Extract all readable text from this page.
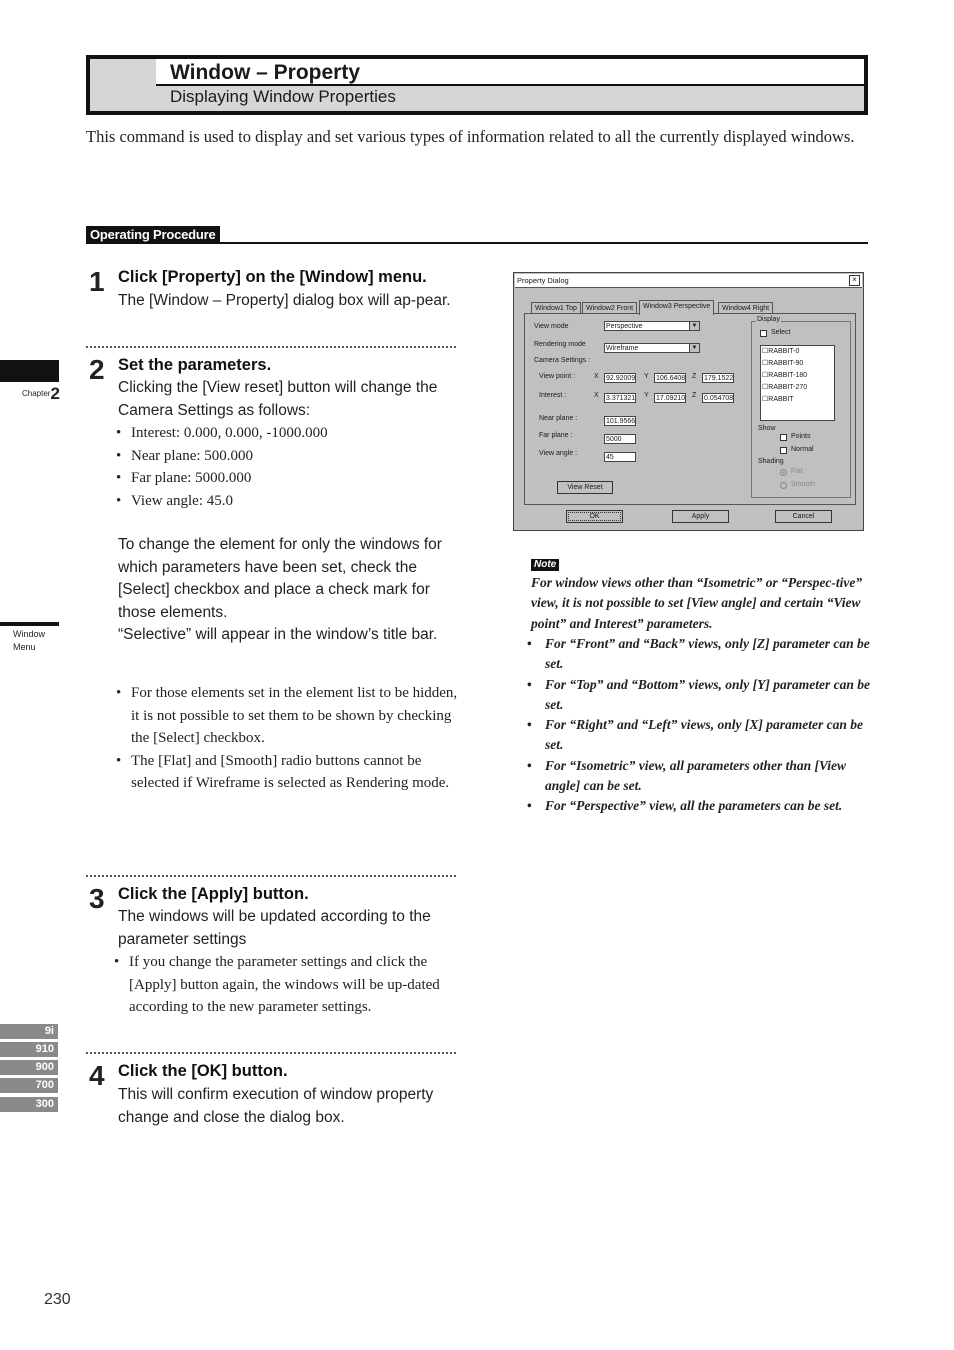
Window – Property
Displaying Window Properties
This command is used to display and set various types of information related to all the currently displayed windows.
Operating Procedure
Chapter2
Window
Menu
9i
910
900
700
300
1 Click [Property] on the [Window] menu.
The [Window – Property] dialog box will ap-pear.
2 Set the parameters.
Clicking the [View reset] button will change the Camera Settings as follows:
• Interest: 0.000, 0.000, -1000.000
• Near plane: 500.000
• Far plane: 5000.000
• View angle: 45.0
To change the element for only the windows for which parameters have been set, check the [Select] checkbox and place a check mark for those elements.
“Selective” will appear in the window’s title bar.
• For those elements set in the element list to be hidden, it is not possible to set them to be shown by checking the [Select] checkbox.
• The [Flat] and [Smooth] radio buttons cannot be selected if Wireframe is selected as Rendering mode.
3 Click the [Apply] button.
The windows will be updated according to the parameter settings
• If you change the parameter settings and click the [Apply] button again, the windows will be up-dated according to the new parameter settings.
4 Click the [OK] button.
This will confirm execution of window property change and close the dialog box.
Property Dialog	×
Window1 Top	Window2 Front	Window3 Perspective	Window4 Right
View mode	Perspective	▼
Rendering mode
Wireframe	▼
Camera Settings :
View point :	X 92.92009 Y 106.6408 Z 179.1522
Interest :	X 3.371321 Y 17.09210 Z 0.054708
Near plane :	101.9566
Far plane :
5000
View angle :
45
View Reset
Display
Select
☐RABBIT-0
☐RABBIT-90
☐RABBIT-180
☐RABBIT-270
☐RABBIT
Show
Points
Normal
Shading
Flat
Smooth
OK	Apply	Cancel
Note
For window views other than “Isometric” or “Perspec-tive” view, it is not possible to set [View angle] and certain “View point” and Interest” parameters.
• For “Front” and “Back” views, only [Z] parameter can be set.
• For “Top” and “Bottom” views, only [Y] parameter can be set.
• For “Right” and “Left” views, only [X] parameter can be set.
• For “Isometric” view, all parameters other than [View angle] can be set.
• For “Perspective” view, all the parameters can be set.
230
